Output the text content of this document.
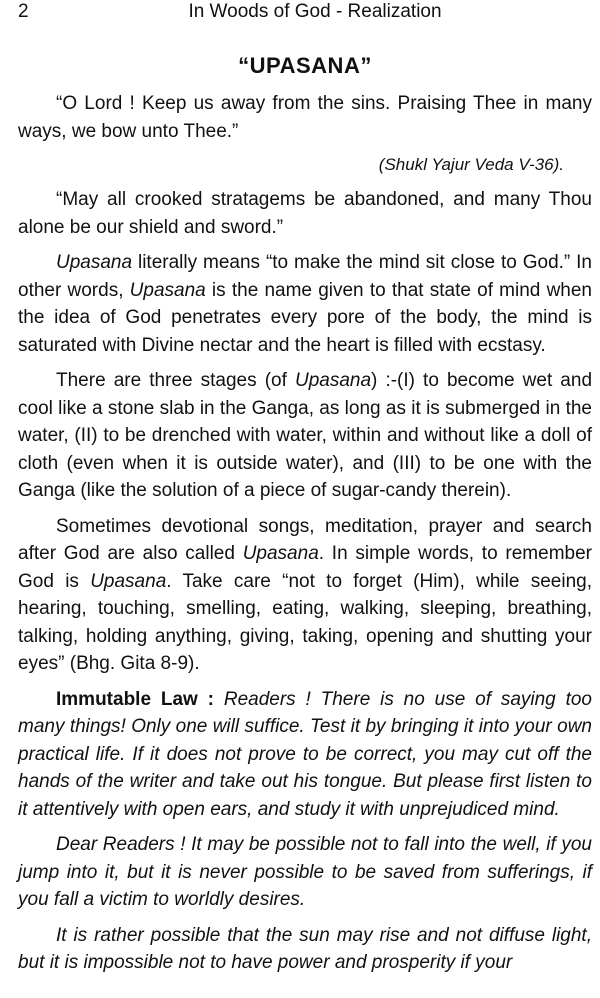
2	In Woods of God - Realization
“UPASANA”

“O Lord ! Keep us away from the sins. Praising Thee in many ways, we bow unto Thee.”

(Shukl Yajur Veda V-36).

“May all crooked stratagems be abandoned, and many Thou alone be our shield and sword.”

Upasana literally means “to make the mind sit close to God.” In other words, Upasana is the name given to that state of mind when the idea of God penetrates every pore of the body, the mind is saturated with Divine nectar and the heart is filled with ecstasy.

There are three stages (of Upasana) :-(I) to become wet and cool like a stone slab in the Ganga, as long as it is submerged in the water, (II) to be drenched with water, within and without like a doll of cloth (even when it is outside water), and (III) to be one with the Ganga (like the solution of a piece of sugar-candy therein).

Sometimes devotional songs, meditation, prayer and search after God are also called Upasana. In simple words, to remember God is Upasana. Take care “not to forget (Him), while seeing, hearing, touching, smelling, eating, walking, sleeping, breathing, talking, holding anything, giving, taking, opening and shutting your eyes” (Bhg. Gita 8-9).

Immutable Law : Readers ! There is no use of saying too many things! Only one will suffice. Test it by bringing it into your own practical life. If it does not prove to be correct, you may cut off the hands of the writer and take out his tongue. But please first listen to it attentively with open ears, and study it with unprejudiced mind.

Dear Readers ! It may be possible not to fall into the well, if you jump into it, but it is never possible to be saved from sufferings, if you fall a victim to worldly desires.

It is rather possible that the sun may rise and not diffuse light, but it is impossible not to have power and prosperity if your
